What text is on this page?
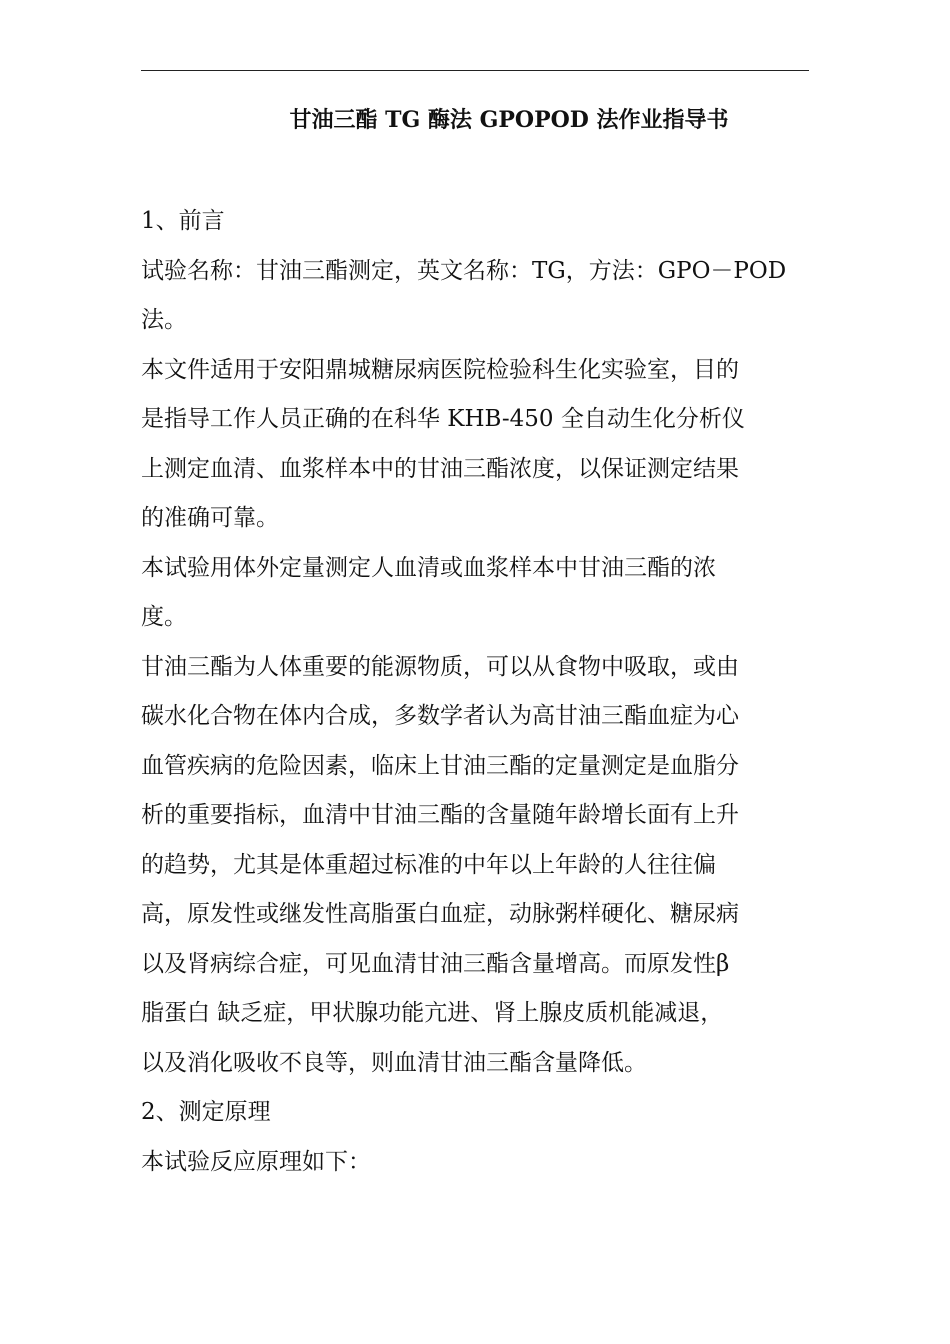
甘油三酯 TG 酶法 GPOPOD 法作业指导书
1、前言
试验名称：甘油三酯测定，英文名称：TG，方法：GPO－POD
法。
本文件适用于安阳鼎城糖尿病医院检验科生化实验室，目的
是指导工作人员正确的在科华 KHB-450 全自动生化分析仪
上测定血清、血浆样本中的甘油三酯浓度，以保证测定结果
的准确可靠。
本试验用体外定量测定人血清或血浆样本中甘油三酯的浓
度。
甘油三酯为人体重要的能源物质，可以从食物中吸取，或由
碳水化合物在体内合成，多数学者认为高甘油三酯血症为心
血管疾病的危险因素，临床上甘油三酯的定量测定是血脂分
析的重要指标，血清中甘油三酯的含量随年龄增长面有上升
的趋势，尤其是体重超过标准的中年以上年龄的人往往偏
高，原发性或继发性高脂蛋白血症，动脉粥样硬化、糖尿病
以及肾病综合症，可见血清甘油三酯含量增高。而原发性β
脂蛋白 缺乏症，甲状腺功能亢进、肾上腺皮质机能减退，
以及消化吸收不良等，则血清甘油三酯含量降低。
2、测定原理
本试验反应原理如下：
